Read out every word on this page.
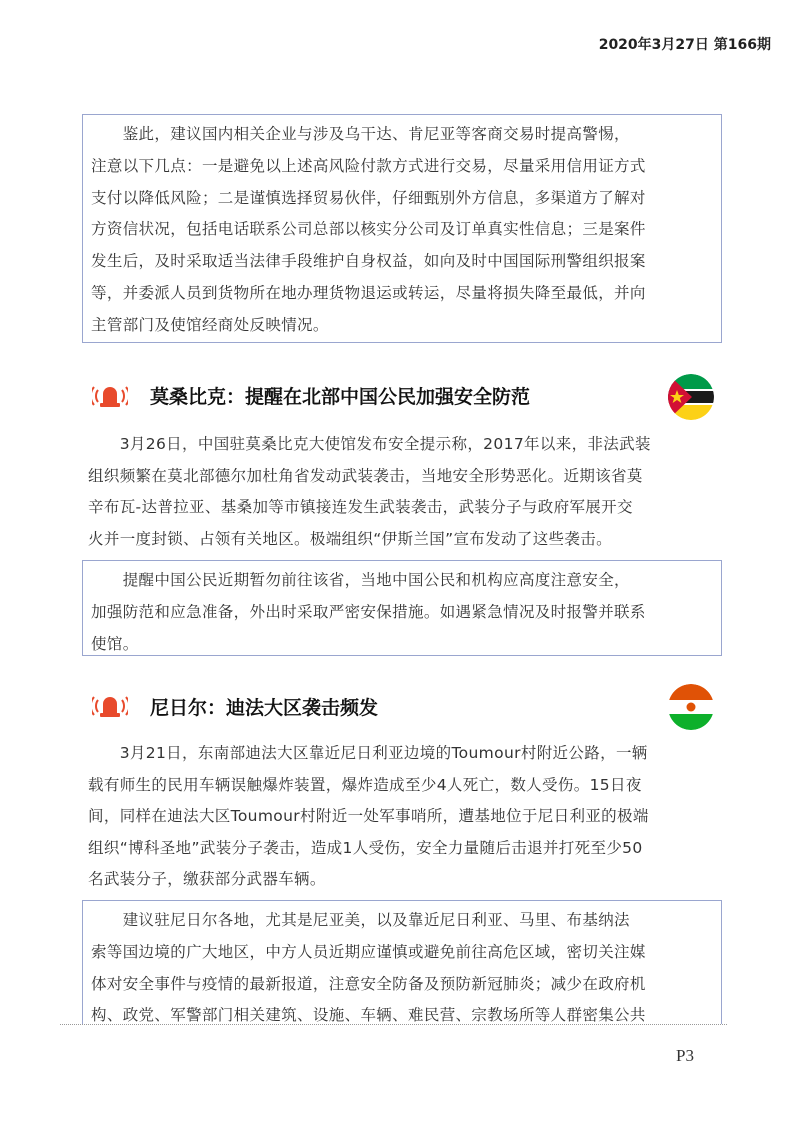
2020年3月27日 第166期
　　鉴此，建议国内相关企业与涉及乌干达、肯尼亚等客商交易时提高警惕，
注意以下几点：一是避免以上述高风险付款方式进行交易，尽量采用信用证方式
支付以降低风险；二是谨慎选择贸易伙伴，仔细甄别外方信息，多渠道方了解对
方资信状况，包括电话联系公司总部以核实分公司及订单真实性信息；三是案件
发生后，及时采取适当法律手段维护自身权益，如向及时中国国际刑警组织报案
等，并委派人员到货物所在地办理货物退运或转运，尽量将损失降至最低，并向
主管部门及使馆经商处反映情况。
莫桑比克：提醒在北部中国公民加强安全防范
　　3月26日，中国驻莫桑比克大使馆发布安全提示称，2017年以来，非法武装
组织频繁在莫北部德尔加杜角省发动武装袭击，当地安全形势恶化。近期该省莫
辛布瓦-达普拉亚、基桑加等市镇接连发生武装袭击，武装分子与政府军展开交
火并一度封锁、占领有关地区。极端组织“伊斯兰国”宣布发动了这些袭击。
　　提醒中国公民近期暂勿前往该省，当地中国公民和机构应高度注意安全，
加强防范和应急准备，外出时采取严密安保措施。如遇紧急情况及时报警并联系
使馆。
尼日尔：迪法大区袭击频发
　　3月21日，东南部迪法大区靠近尼日利亚边境的Toumour村附近公路，一辆
载有师生的民用车辆误触爆炸装置，爆炸造成至少4人死亡，数人受伤。15日夜
间，同样在迪法大区Toumour村附近一处军事哨所，遭基地位于尼日利亚的极端
组织“博科圣地”武装分子袭击，造成1人受伤，安全力量随后击退并打死至少50
名武装分子，缴获部分武器车辆。
　　建议驻尼日尔各地，尤其是尼亚美，以及靠近尼日利亚、马里、布基纳法
索等国边境的广大地区，中方人员近期应谨慎或避免前往高危区域，密切关注媒
体对安全事件与疫情的最新报道，注意安全防备及预防新冠肺炎；减少在政府机
构、政党、军警部门相关建筑、设施、车辆、难民营、宗教场所等人群密集公共
P3
